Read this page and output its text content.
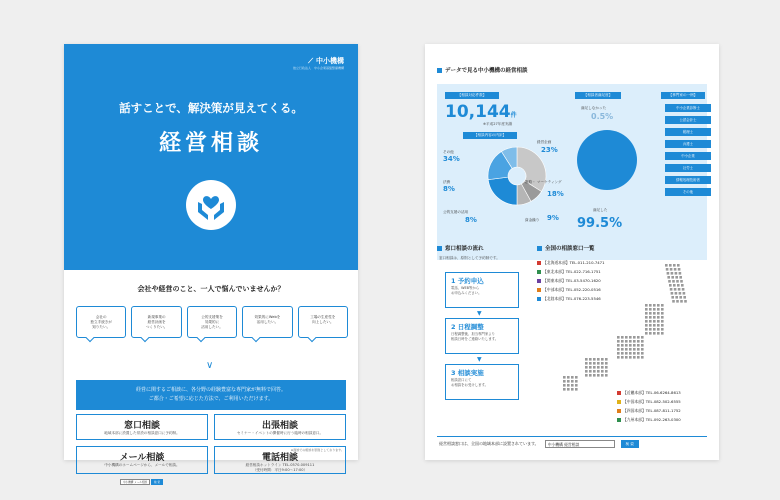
⟋ 中小機構
独立行政法人　中小企業基盤整備機構
話すことで、解決策が見えてくる。
経営相談
会社や経営のこと、一人で悩んでいませんか？
会社の
独立手続きが
知りたい。
新規事業の
経営計画を
つくりたい。
公的支援策を
効果的に
活用したい。
効果的にWebを
活用したい。
工場の生産性を
向上したい。
∨
経営に関するご相談に、各分野の経験豊富な専門家が無料で回答。
ご都合・ご希望に応じた方法で、ご利用いただけます。
窓口相談
地域本部に設置した常設の相談窓口に予約制。
出張相談
セミナー・イベントの開催時に行う臨時の相談窓口。
メール相談
中小機構のホームページから、メールで相談。
中小機構 メール相談	検 索
電話相談
経営相談ホットライン TEL.0570-009111
（受付時間：平日9:00〜17:00）
※面談での相談を原則としております。
データで見る中小機構の経営相談
【相談対応件数】
10,144件
※平成27年度実績
【相談内容の内訳】
その他
34%
法務
8%
公的支援の活用
8%
経営企画
23%
販路・ マーケティング
18%
資金繰り 9%
【相談者満足度】
満足しなかった
0.5%
満足した
99.5%
【専門家の一例】
中小企業診断士
公認会計士
税理士
弁護士
中小企業
社労士
情報処理技術者
その他
窓口相談の流れ
窓口相談は、原則として予約制です。
1 予約申込
電話、WEB等から
お申込みください。
▼
2 日程調整
日程調整後、担当専門家より
相談日時をご連絡いたします。
▼
3 相談実施
相談窓口にて
お相談をお受けします。
全国の相談窓口一覧
経営相談窓口は、全国の地域本部に設置されています。	中小機構 経営相談	検 索
【北海道本部】TEL.011-210-7471
【東北本部】TEL.022-716-1751
【関東本部】TEL.03-5470-1620
【中部本部】TEL.052-220-0516
【北陸本部】TEL.076-223-5546
【近畿本部】TEL.06-6264-8613
【中国本部】TEL.082-502-6555
【四国本部】TEL.087-811-1752
【九州本部】TEL.092-263-0300
